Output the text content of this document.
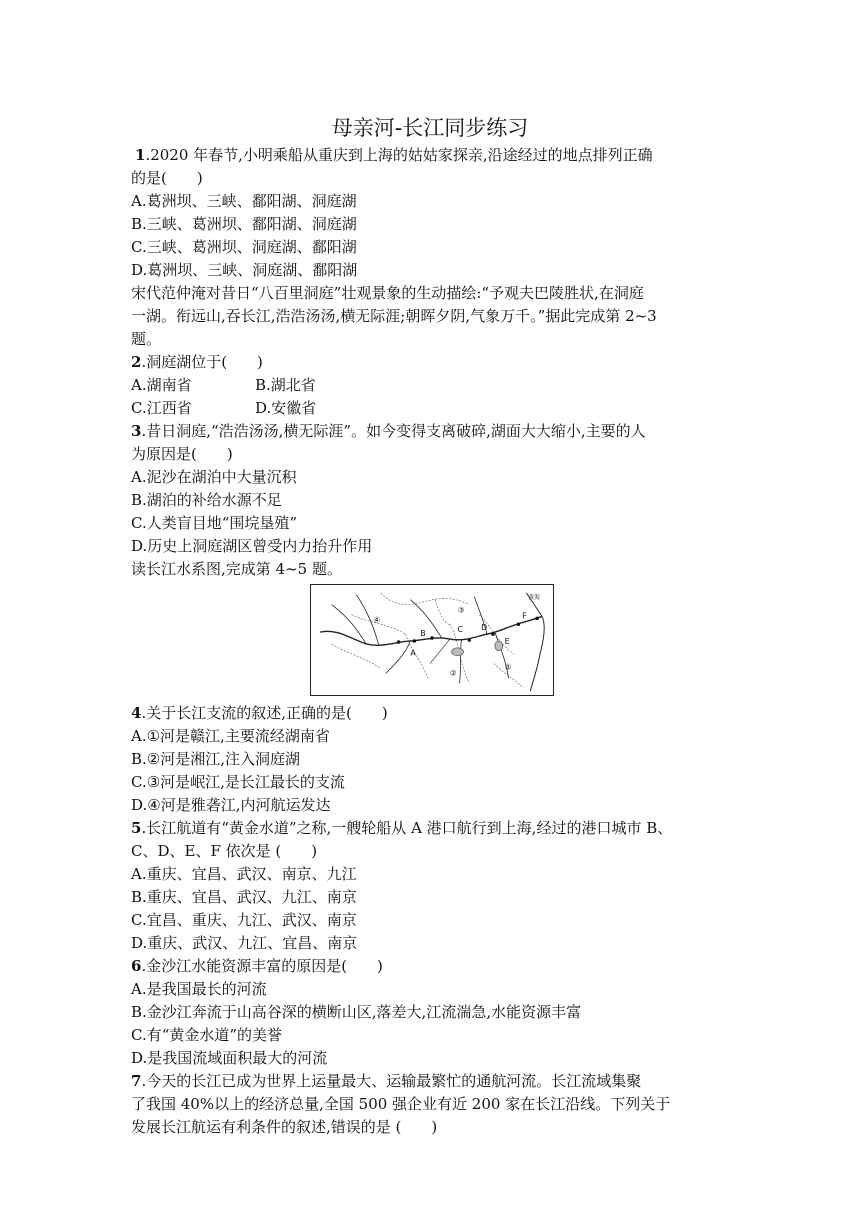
母亲河-长江同步练习
1.2020 年春节,小明乘船从重庆到上海的姑姑家探亲,沿途经过的地点排列正确
的是(　　)
A.葛洲坝、三峡、鄱阳湖、洞庭湖
B.三峡、葛洲坝、鄱阳湖、洞庭湖
C.三峡、葛洲坝、洞庭湖、鄱阳湖
D.葛洲坝、三峡、洞庭湖、鄱阳湖
宋代范仲淹对昔日“八百里洞庭”壮观景象的生动描绘:“予观夫巴陵胜状,在洞庭
一湖。衔远山,吞长江,浩浩汤汤,横无际涯;朝晖夕阴,气象万千。”据此完成第 2~3
题。
2.洞庭湖位于(　　)
A.湖南省	B.湖北省
C.江西省	D.安徽省
3.昔日洞庭,“浩浩汤汤,横无际涯”。如今变得支离破碎,湖面大大缩小,主要的人
为原因是(　　)
A.泥沙在湖泊中大量沉积
B.湖泊的补给水源不足
C.人类盲目地“围垸垦殖”
D.历史上洞庭湖区曾受内力抬升作用
读长江水系图,完成第 4~5 题。
A
B	C D
E
F
①
②
③
④
黄海
4.关于长江支流的叙述,正确的是(　　)
A.①河是赣江,主要流经湖南省
B.②河是湘江,注入洞庭湖
C.③河是岷江,是长江最长的支流
D.④河是雅砻江,内河航运发达
5.长江航道有“黄金水道”之称,一艘轮船从 A 港口航行到上海,经过的港口城市 B、
C、D、E、F 依次是 (　　)
A.重庆、宜昌、武汉、南京、九江
B.重庆、宜昌、武汉、九江、南京
C.宜昌、重庆、九江、武汉、南京
D.重庆、武汉、九江、宜昌、南京
6.金沙江水能资源丰富的原因是(　　)
A.是我国最长的河流
B.金沙江奔流于山高谷深的横断山区,落差大,江流湍急,水能资源丰富
C.有“黄金水道”的美誉
D.是我国流域面积最大的河流
7.今天的长江已成为世界上运量最大、运输最繁忙的通航河流。长江流域集聚
了我国 40%以上的经济总量,全国 500 强企业有近 200 家在长江沿线。下列关于
发展长江航运有利条件的叙述,错误的是 (　　)
